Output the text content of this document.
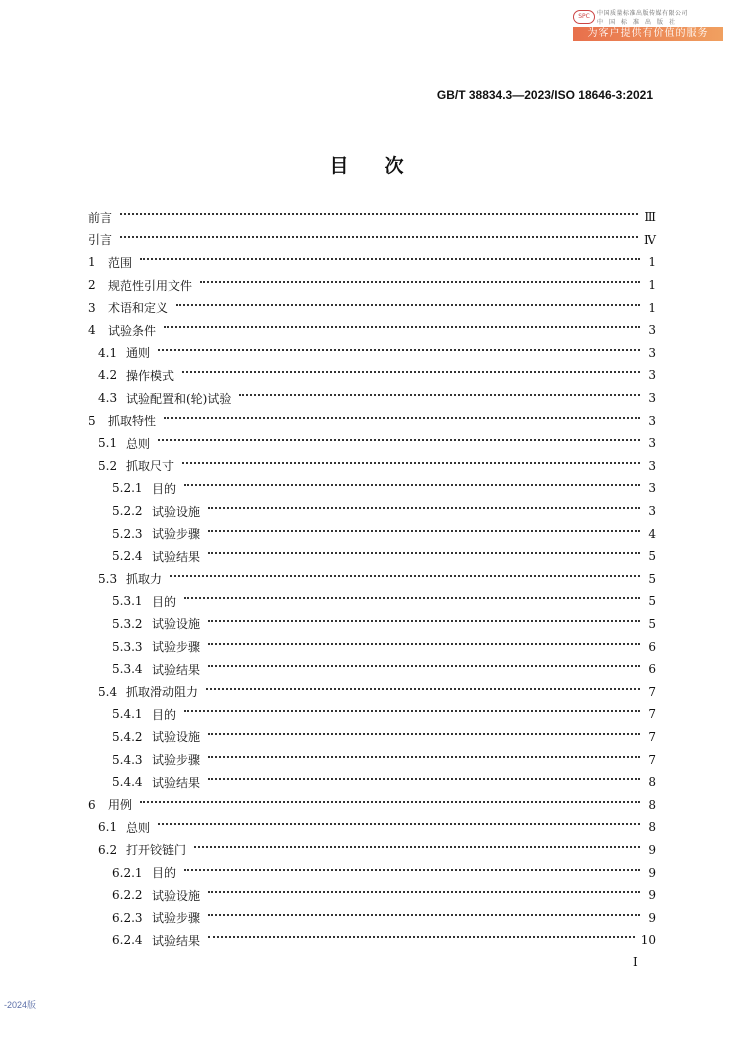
SPC	中国质量标准出版传媒有限公司
中国标准出版社
为客户提供有价值的服务
GB/T 38834.3—2023/ISO 18646-3:2021
目次
前言	Ⅲ
引言	Ⅳ
1	范围	1
2	规范性引用文件	1
3	术语和定义	1
4	试验条件	3
4.1 通则	3
4.2 操作模式	3
4.3 试验配置和(轮)试验	3
5	抓取特性	3
5.1 总则	3
5.2 抓取尺寸	3
5.2.1 目的	3
5.2.2 试验设施	3
5.2.3 试验步骤	4
5.2.4 试验结果	5
5.3 抓取力	5
5.3.1 目的	5
5.3.2 试验设施	5
5.3.3 试验步骤	6
5.3.4 试验结果	6
5.4 抓取滑动阻力	7
5.4.1 目的	7
5.4.2 试验设施	7
5.4.3 试验步骤	7
5.4.4 试验结果	8
6	用例	8
6.1 总则	8
6.2 打开铰链门	9
6.2.1 目的	9
6.2.2 试验设施	9
6.2.3 试验步骤	9
6.2.4 试验结果	10
I
-2024版
